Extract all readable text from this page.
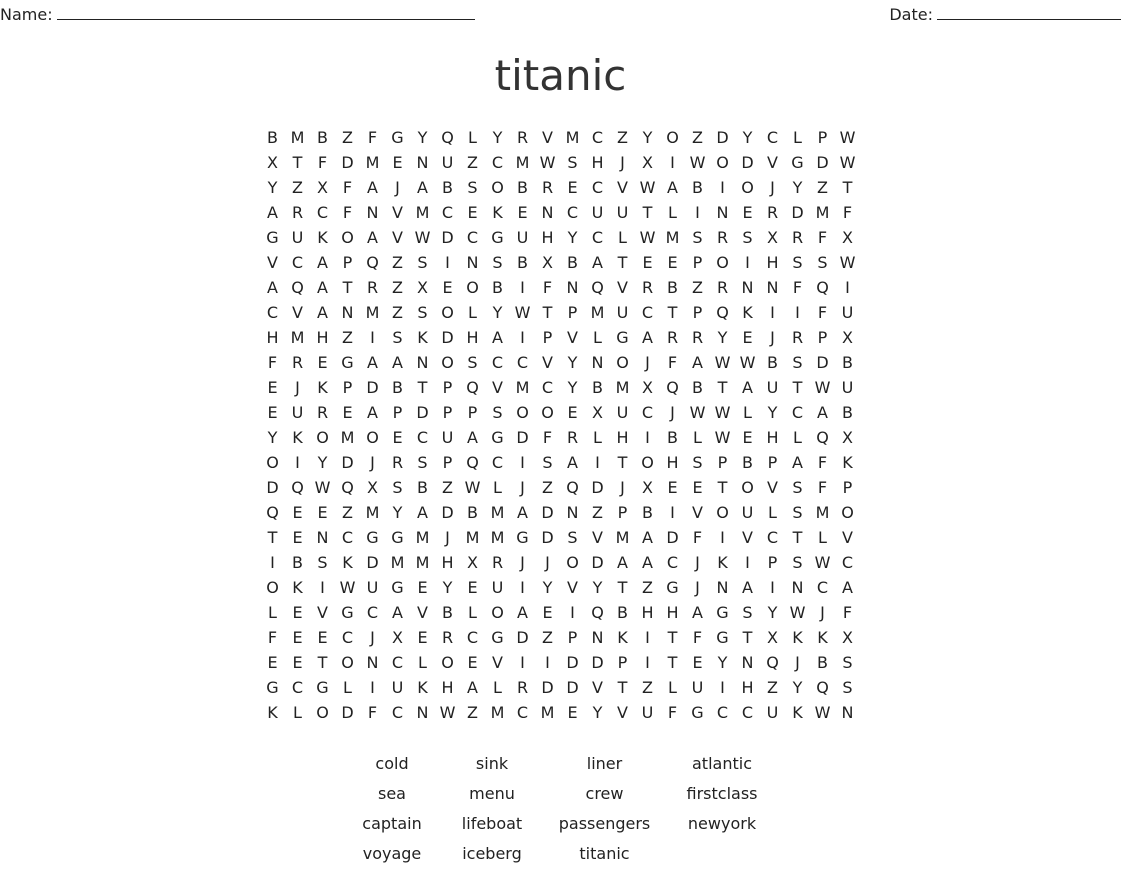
Name:	Date:
titanic
B M B Z F G Y Q L Y R V M C Z Y O Z D Y C L P W
X T F D M E N U Z C M W S H	J	X	I W O D V G D W
Y Z X F A	J	A B S O B R E C V W A B	I	O	J	Y Z T
A R C F N V M C E K E N C U U T L	I	N E R D M F
G U K O A V W D C G U H Y C L W M S R S X R F X
V C A P Q Z S	I	N S B X B A T E E P O	I	H S S W
A Q A T R Z X E O B	I	F N Q V R B Z R N N F Q	I
C V A N M Z S O L Y W T P M U C T P Q K	I	I	F U
H M H Z	I	S K D H A	I	P V L G A R R Y E	J	R P X
F R E G A A N O S C C V Y N O	J	F A W W B S D B
E	J	K P D B T P Q V M C Y B M X Q B T A U T W U
E U R E A P D P P S O O E X U C	J W W L Y C A B
Y K O M O E C U A G D F R L H	I	B L W E H L Q X
O	I	Y D	J	R S P Q C	I	S A	I	T O H S P B P A F K
D Q W Q X S B Z W L	J	Z Q D	J	X E E T O V S F P
Q E E Z M Y A D B M A D N Z P B	I	V O U L S M O
T E N C G G M J M M G D S V M A D F	I	V C T L V
I	B S K D M M H X R	J	J	O D A A C	J	K	I	P S W C
O K	I W U G E Y E U	I	Y V Y T Z G	J	N A	I	N C A
L E V G C A V B L O A E	I	Q B H H A G S Y W J	F
F E E C	J	X E R C G D Z P N K	I	T F G T X K K X
E E T O N C L O E V	I	I	D D P	I	T E Y N Q	J	B S
G C G L	I	U K H A L R D D V T Z L U	I	H Z Y Q S
K L O D F C N W Z M C M E Y V U F G C C U K W N
cold	sink	liner	atlantic
sea	menu	crew	firstclass
captain	lifeboat	passengers	newyork
voyage	iceberg	titanic
